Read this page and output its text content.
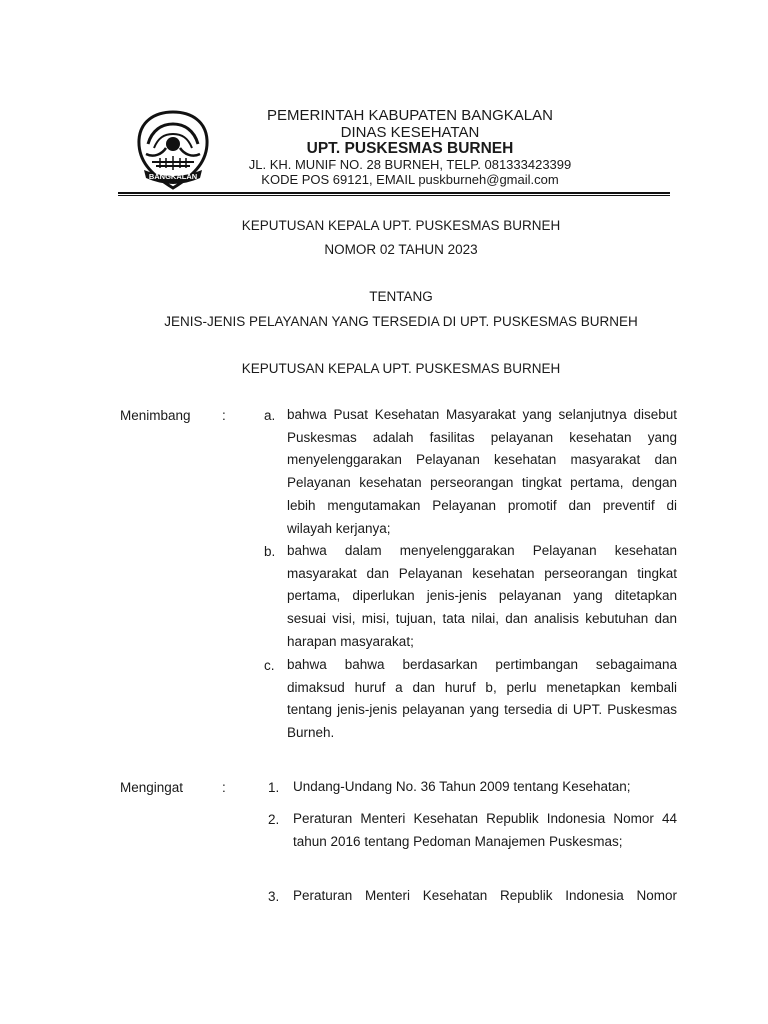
BANGKALAN
PEMERINTAH KABUPATEN BANGKALAN
DINAS KESEHATAN
UPT. PUSKESMAS BURNEH
JL. KH. MUNIF NO. 28 BURNEH, TELP. 081333423399
KODE POS 69121, EMAIL puskburneh@gmail.com
KEPUTUSAN KEPALA UPT. PUSKESMAS BURNEH
NOMOR 02 TAHUN 2023
TENTANG
JENIS-JENIS PELAYANAN YANG TERSEDIA DI UPT. PUSKESMAS BURNEH
KEPUTUSAN KEPALA UPT. PUSKESMAS BURNEH
Menimbang :	a. bahwa Pusat Kesehatan Masyarakat yang selanjutnya disebut Puskesmas adalah fasilitas pelayanan kesehatan yang menyelenggarakan Pelayanan kesehatan masyarakat dan Pelayanan kesehatan perseorangan tingkat pertama, dengan lebih mengutamakan Pelayanan promotif dan preventif di wilayah kerjanya;
b. bahwa dalam menyelenggarakan Pelayanan kesehatan masyarakat dan Pelayanan kesehatan perseorangan tingkat pertama, diperlukan jenis-jenis pelayanan yang ditetapkan sesuai visi, misi, tujuan, tata nilai, dan analisis kebutuhan dan harapan masyarakat;
c. bahwa bahwa berdasarkan pertimbangan sebagaimana dimaksud huruf a dan huruf b, perlu menetapkan kembali tentang jenis-jenis pelayanan yang tersedia di UPT. Puskesmas Burneh.
Mengingat	:	1. Undang-Undang No. 36 Tahun 2009 tentang Kesehatan;
2. Peraturan Menteri Kesehatan Republik Indonesia Nomor 44 tahun 2016 tentang Pedoman Manajemen Puskesmas;
3. Peraturan Menteri Kesehatan Republik Indonesia Nomor
